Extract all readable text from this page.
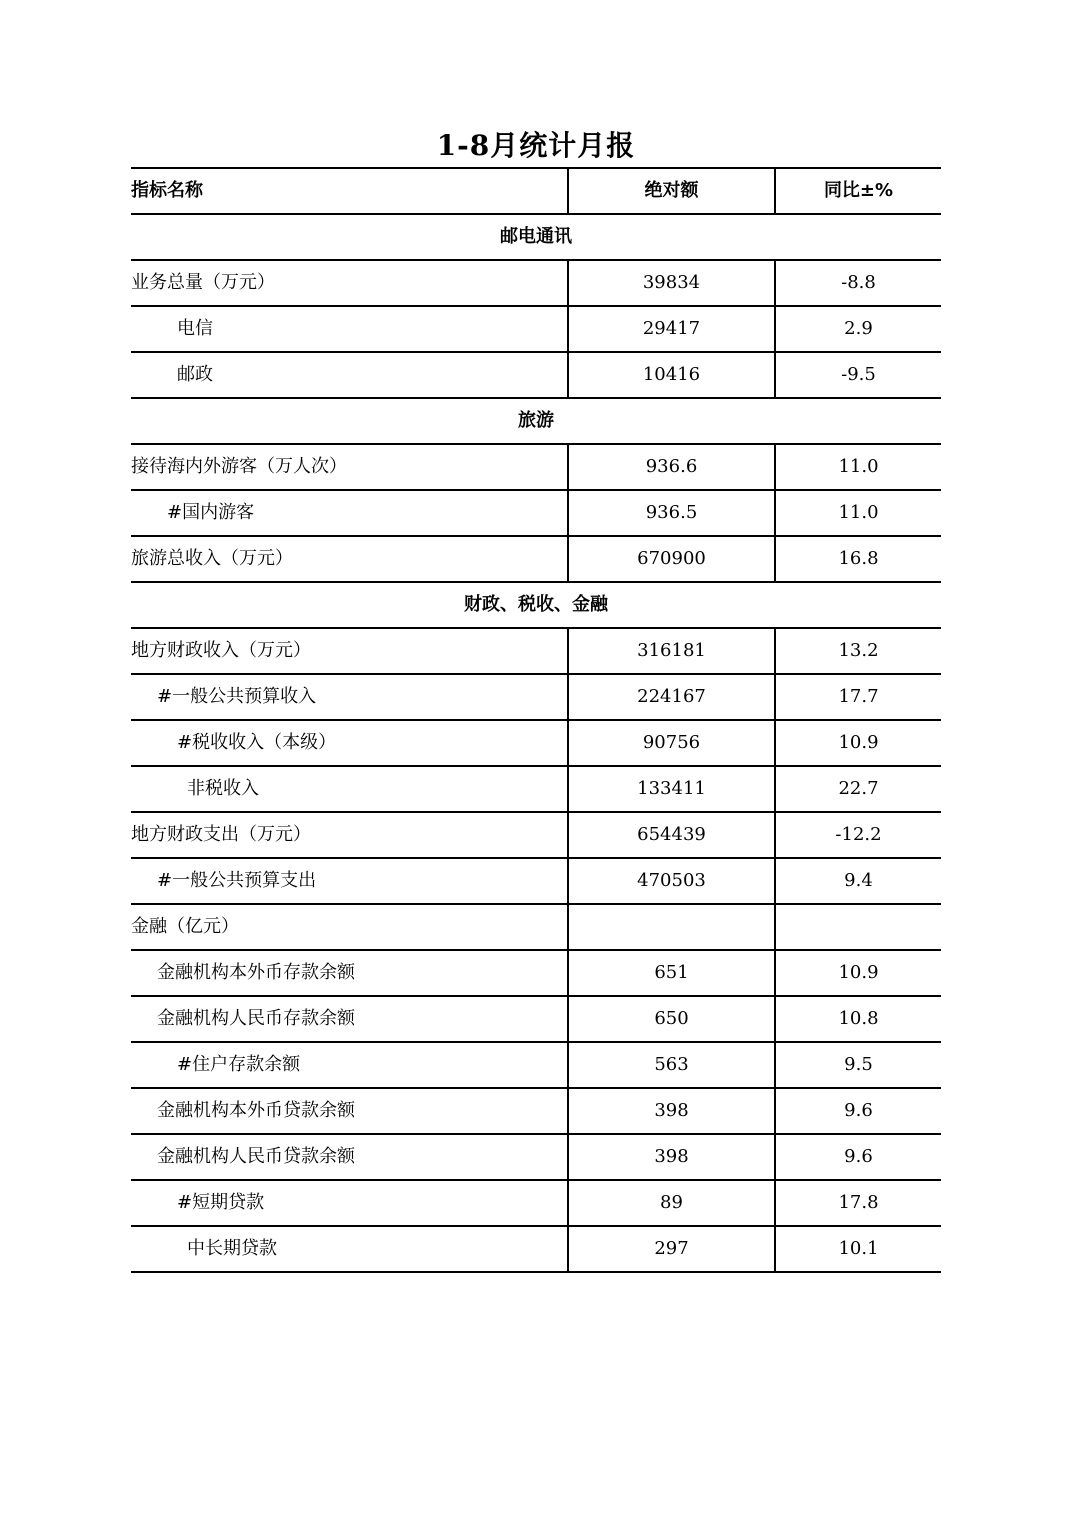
1-8月统计月报
指标名称	绝对额	同比±%
邮电通讯		
业务总量（万元）	39834	-8.8
电信	29417	2.9
邮政	10416	-9.5
旅游		
接待海内外游客（万人次）	936.6	11.0
#国内游客	936.5	11.0
旅游总收入（万元）	670900	16.8
财政、税收、金融		
地方财政收入（万元）	316181	13.2
#一般公共预算收入	224167	17.7
#税收收入（本级）	90756	10.9
非税收入	133411	22.7
地方财政支出（万元）	654439	-12.2
#一般公共预算支出	470503	9.4
金融（亿元）		
金融机构本外币存款余额	651	10.9
金融机构人民币存款余额	650	10.8
#住户存款余额	563	9.5
金融机构本外币贷款余额	398	9.6
金融机构人民币贷款余额	398	9.6
#短期贷款	89	17.8
中长期贷款	297	10.1
